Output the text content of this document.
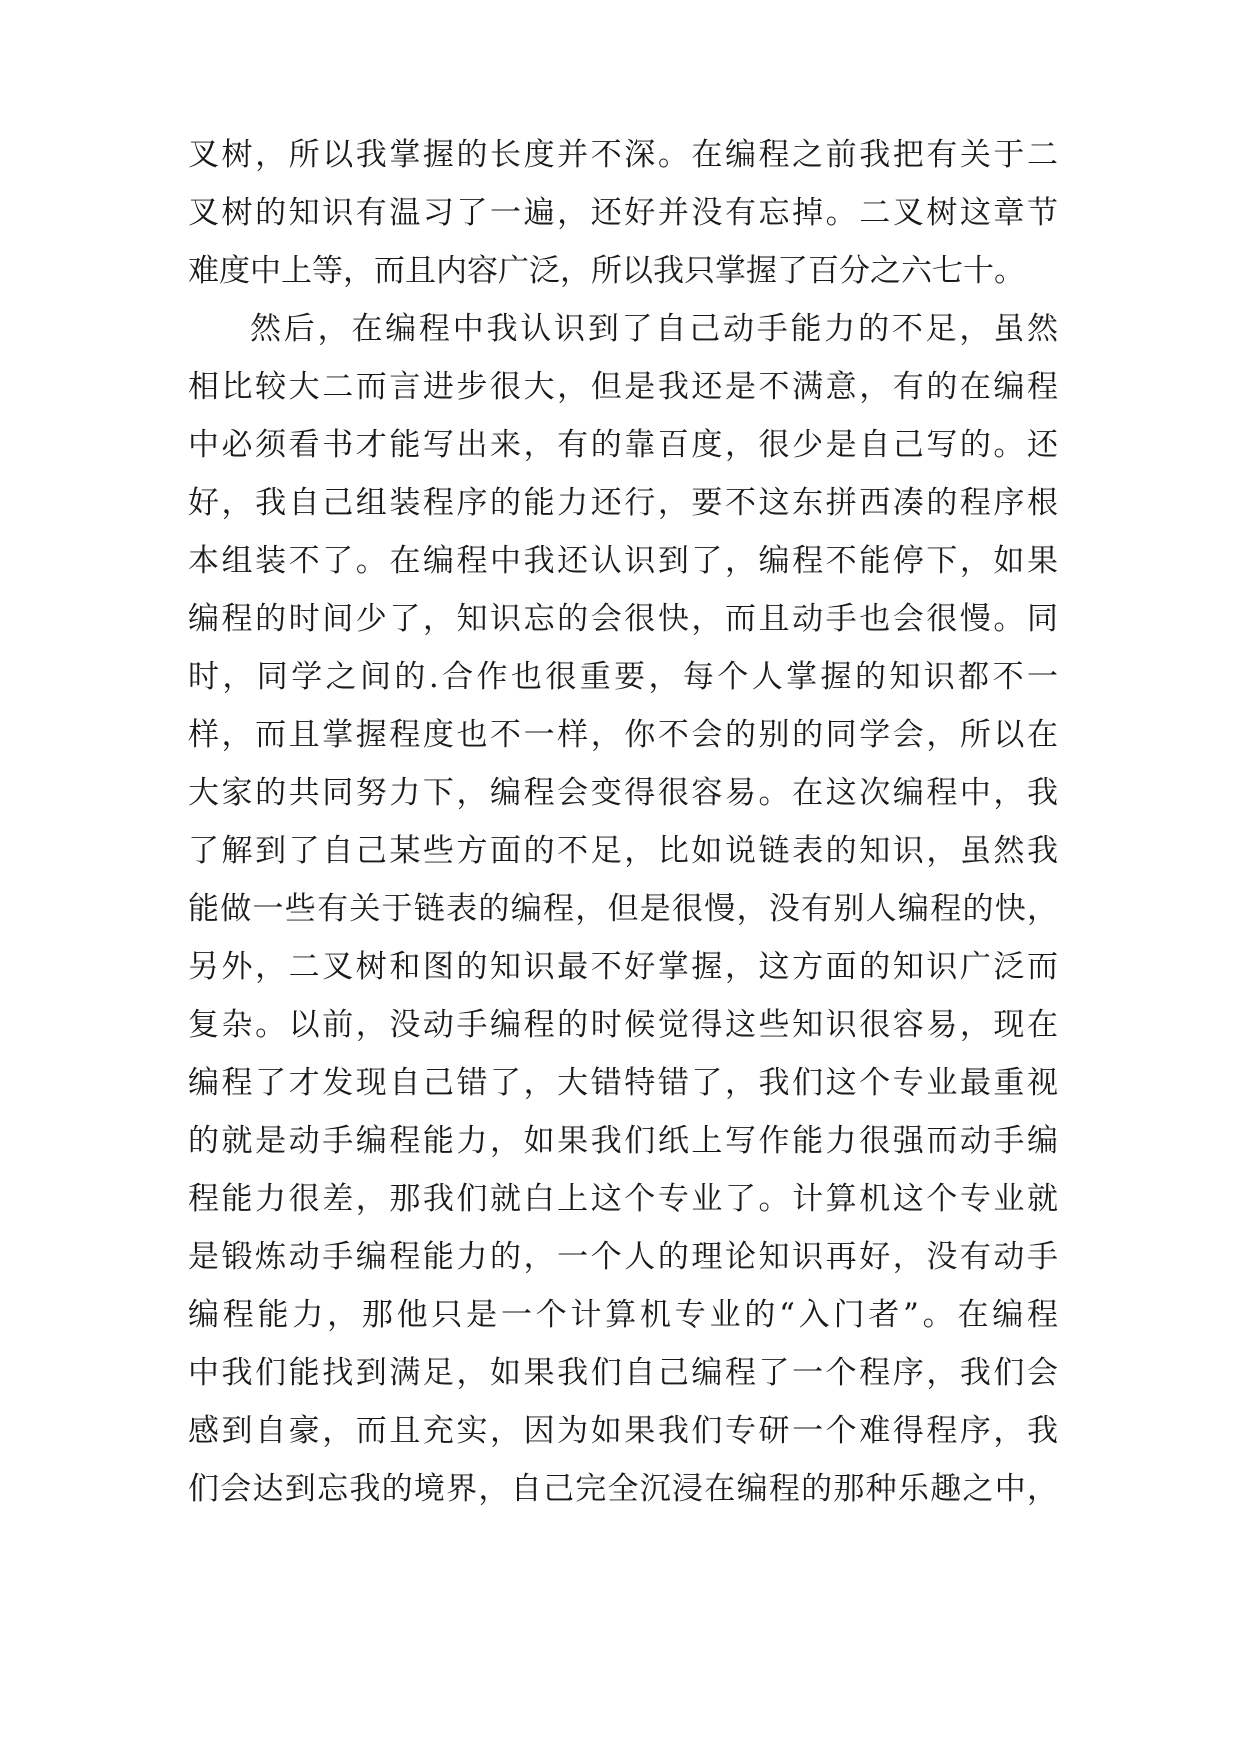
叉树，所以我掌握的长度并不深。在编程之前我把有关于二
叉树的知识有温习了一遍，还好并没有忘掉。二叉树这章节
难度中上等，而且内容广泛，所以我只掌握了百分之六七十。
然后，在编程中我认识到了自己动手能力的不足，虽然
相比较大二而言进步很大，但是我还是不满意，有的在编程
中必须看书才能写出来，有的靠百度，很少是自己写的。还
好，我自己组装程序的能力还行，要不这东拼西凑的程序根
本组装不了。在编程中我还认识到了，编程不能停下，如果
编程的时间少了，知识忘的会很快，而且动手也会很慢。同
时，同学之间的.合作也很重要，每个人掌握的知识都不一
样，而且掌握程度也不一样，你不会的别的同学会，所以在
大家的共同努力下，编程会变得很容易。在这次编程中，我
了解到了自己某些方面的不足，比如说链表的知识，虽然我
能做一些有关于链表的编程，但是很慢，没有别人编程的快，
另外，二叉树和图的知识最不好掌握，这方面的知识广泛而
复杂。以前，没动手编程的时候觉得这些知识很容易，现在
编程了才发现自己错了，大错特错了，我们这个专业最重视
的就是动手编程能力，如果我们纸上写作能力很强而动手编
程能力很差，那我们就白上这个专业了。计算机这个专业就
是锻炼动手编程能力的，一个人的理论知识再好，没有动手
编程能力，那他只是一个计算机专业的“入门者”。在编程
中我们能找到满足，如果我们自己编程了一个程序，我们会
感到自豪，而且充实，因为如果我们专研一个难得程序，我
们会达到忘我的境界，自己完全沉浸在编程的那种乐趣之中，
